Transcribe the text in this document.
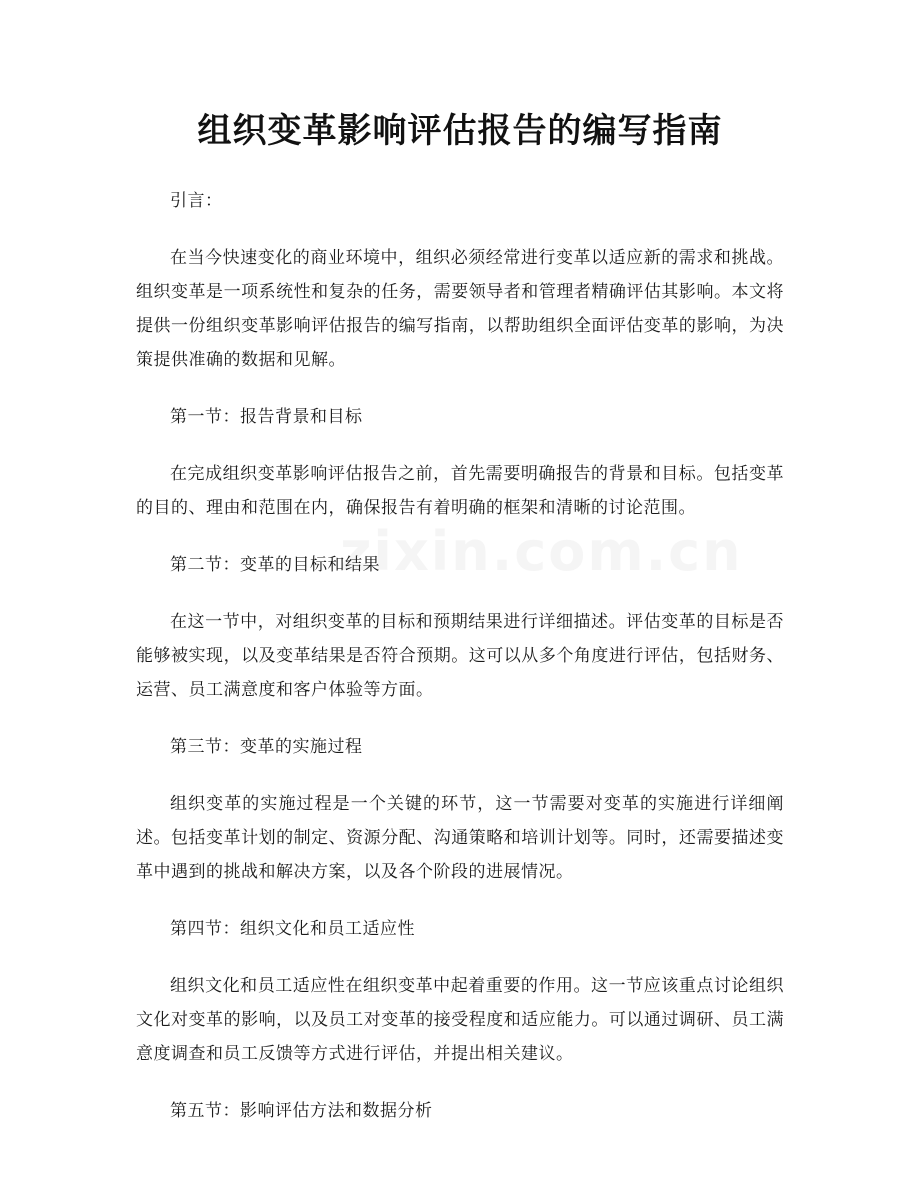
组织变革影响评估报告的编写指南
zixin.com.cn

引言：

在当今快速变化的商业环境中，组织必须经常进行变革以适应新的需求和挑战。组织变革是一项系统性和复杂的任务，需要领导者和管理者精确评估其影响。本文将提供一份组织变革影响评估报告的编写指南，以帮助组织全面评估变革的影响，为决策提供准确的数据和见解。

第一节：报告背景和目标

在完成组织变革影响评估报告之前，首先需要明确报告的背景和目标。包括变革的目的、理由和范围在内，确保报告有着明确的框架和清晰的讨论范围。

第二节：变革的目标和结果

在这一节中，对组织变革的目标和预期结果进行详细描述。评估变革的目标是否能够被实现，以及变革结果是否符合预期。这可以从多个角度进行评估，包括财务、运营、员工满意度和客户体验等方面。

第三节：变革的实施过程

组织变革的实施过程是一个关键的环节，这一节需要对变革的实施进行详细阐述。包括变革计划的制定、资源分配、沟通策略和培训计划等。同时，还需要描述变革中遇到的挑战和解决方案，以及各个阶段的进展情况。

第四节：组织文化和员工适应性

组织文化和员工适应性在组织变革中起着重要的作用。这一节应该重点讨论组织文化对变革的影响，以及员工对变革的接受程度和适应能力。可以通过调研、员工满意度调查和员工反馈等方式进行评估，并提出相关建议。

第五节：影响评估方法和数据分析
